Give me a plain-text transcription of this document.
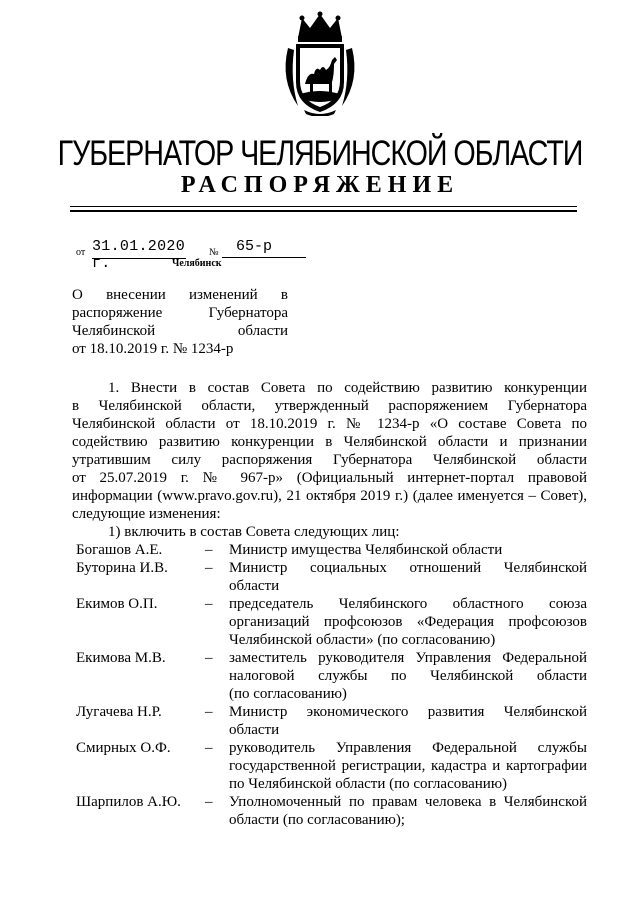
ГУБЕРНАТОР ЧЕЛЯБИНСКОЙ ОБЛАСТИ
РАСПОРЯЖЕНИЕ
от 31.01.2020 г.
№	65-р
Челябинск
О внесении изменений в
распоряжение Губернатора
Челябинской области
от 18.10.2019 г. № 1234-р
1. Внести в состав Совета по содействию развитию конкуренции
в Челябинской области, утвержденный распоряжением Губернатора
Челябинской области от 18.10.2019 г. № 1234-р «О составе Совета по
содействию развитию конкуренции в Челябинской области и признании
утратившим силу распоряжения Губернатора Челябинской области
от 25.07.2019 г. № 967-р» (Официальный интернет-портал правовой
информации (www.pravo.gov.ru), 21 октября 2019 г.) (далее именуется – Совет),
следующие изменения:
1) включить в состав Совета следующих лиц:
Богашов А.Е.	– Министр имущества Челябинской области
Буторина И.В. – Министр социальных отношений Челябинской
области
Екимов О.П.	– председатель Челябинского областного союза
организаций профсоюзов «Федерация профсоюзов
Челябинской области» (по согласованию)
Екимова М.В.	– заместитель руководителя Управления Федеральной
налоговой службы по Челябинской области
(по согласованию)
Лугачева Н.Р.	– Министр экономического развития Челябинской
области
Смирных О.Ф. – руководитель Управления Федеральной службы
государственной регистрации, кадастра и картографии
по Челябинской области (по согласованию)
Шарпилов А.Ю. – Уполномоченный по правам человека в Челябинской
области (по согласованию);
